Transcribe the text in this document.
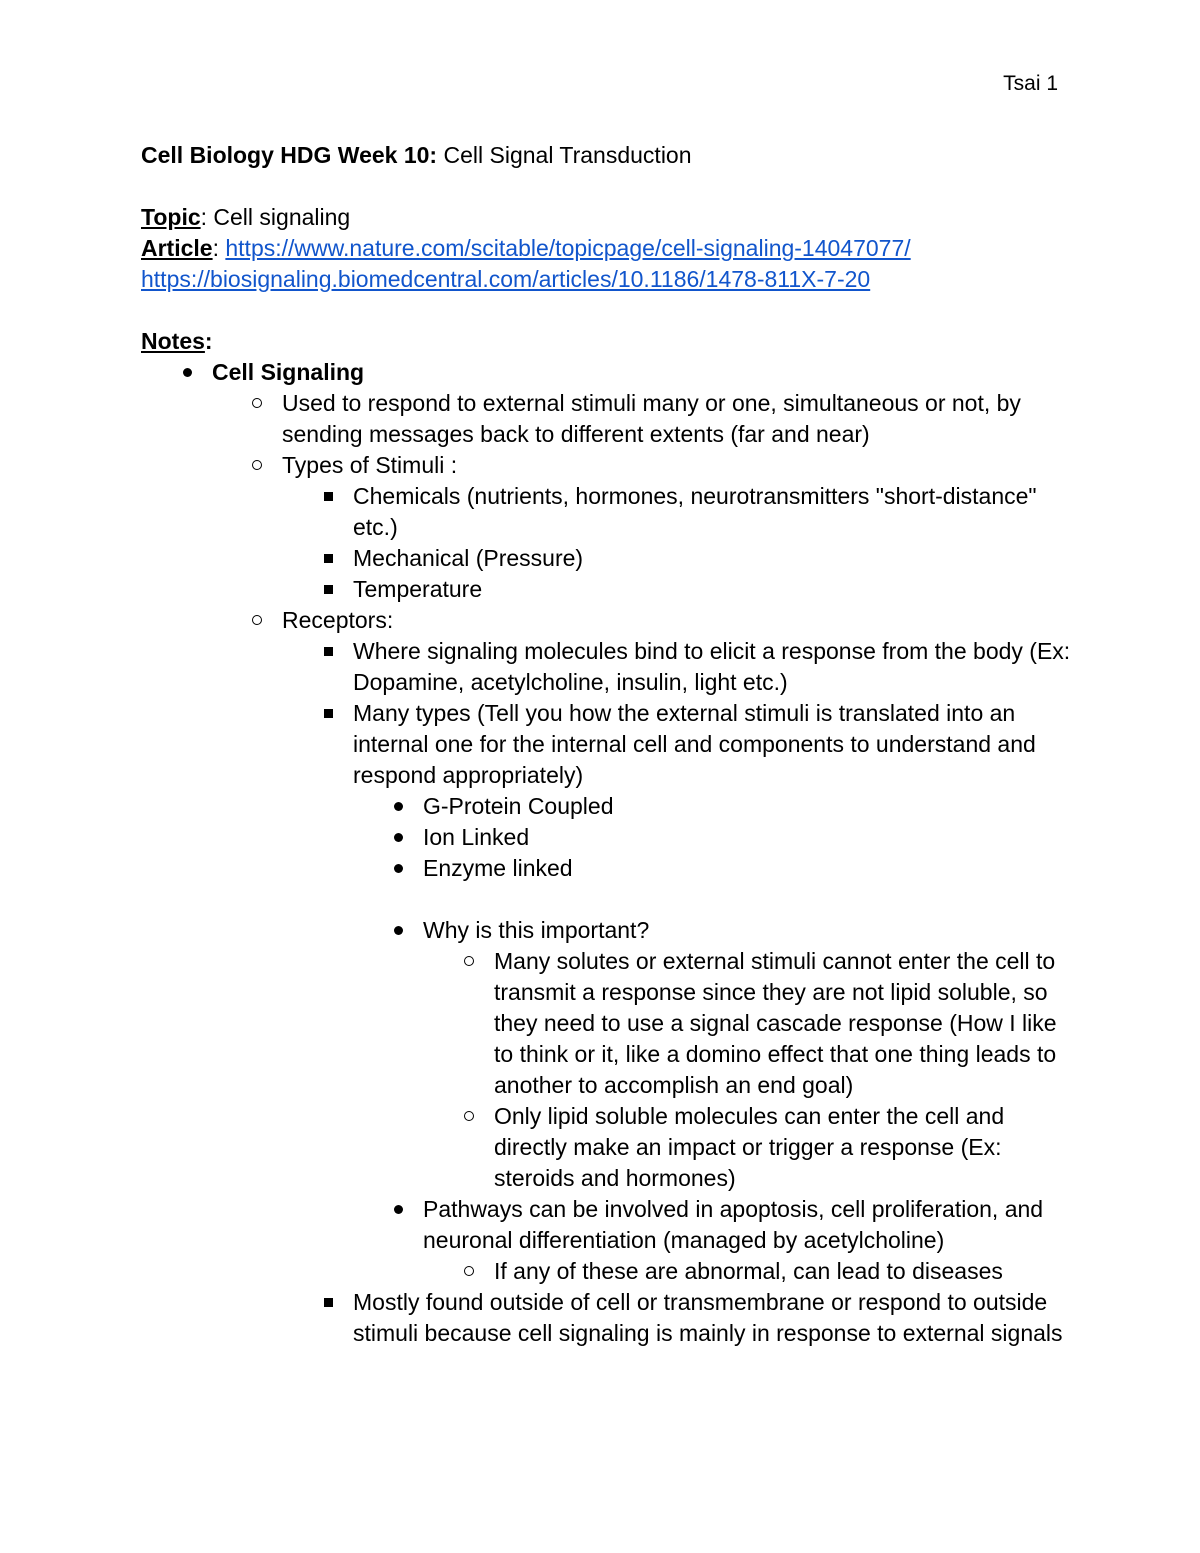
Tsai 1

Cell Biology HDG Week 10: Cell Signal Transduction

Topic: Cell signaling

Article: https://www.nature.com/scitable/topicpage/cell-signaling-14047077/

https://biosignaling.biomedcentral.com/articles/10.1186/1478-811X-7-20

Notes:

Cell Signaling
Used to respond to external stimuli many or one, simultaneous or not, by sending messages back to different extents (far and near)
Types of Stimuli :
Chemicals (nutrients, hormones, neurotransmitters "short-distance" etc.)
Mechanical (Pressure)
Temperature
Receptors:
Where signaling molecules bind to elicit a response from the body (Ex: Dopamine, acetylcholine, insulin, light etc.)
Many types (Tell you how the external stimuli is translated into an internal one for the internal cell and components to understand and respond appropriately)
G-Protein Coupled
Ion Linked
Enzyme linked
Why is this important?
Many solutes or external stimuli cannot enter the cell to transmit a response since they are not lipid soluble, so they need to use a signal cascade response (How I like to think or it, like a domino effect that one thing leads to another to accomplish an end goal)
Only lipid soluble molecules can enter the cell and directly make an impact or trigger a response (Ex: steroids and hormones)
Pathways can be involved in apoptosis, cell proliferation, and neuronal differentiation (managed by acetylcholine)
If any of these are abnormal, can lead to diseases
Mostly found outside of cell or transmembrane or respond to outside stimuli because cell signaling is mainly in response to external signals
